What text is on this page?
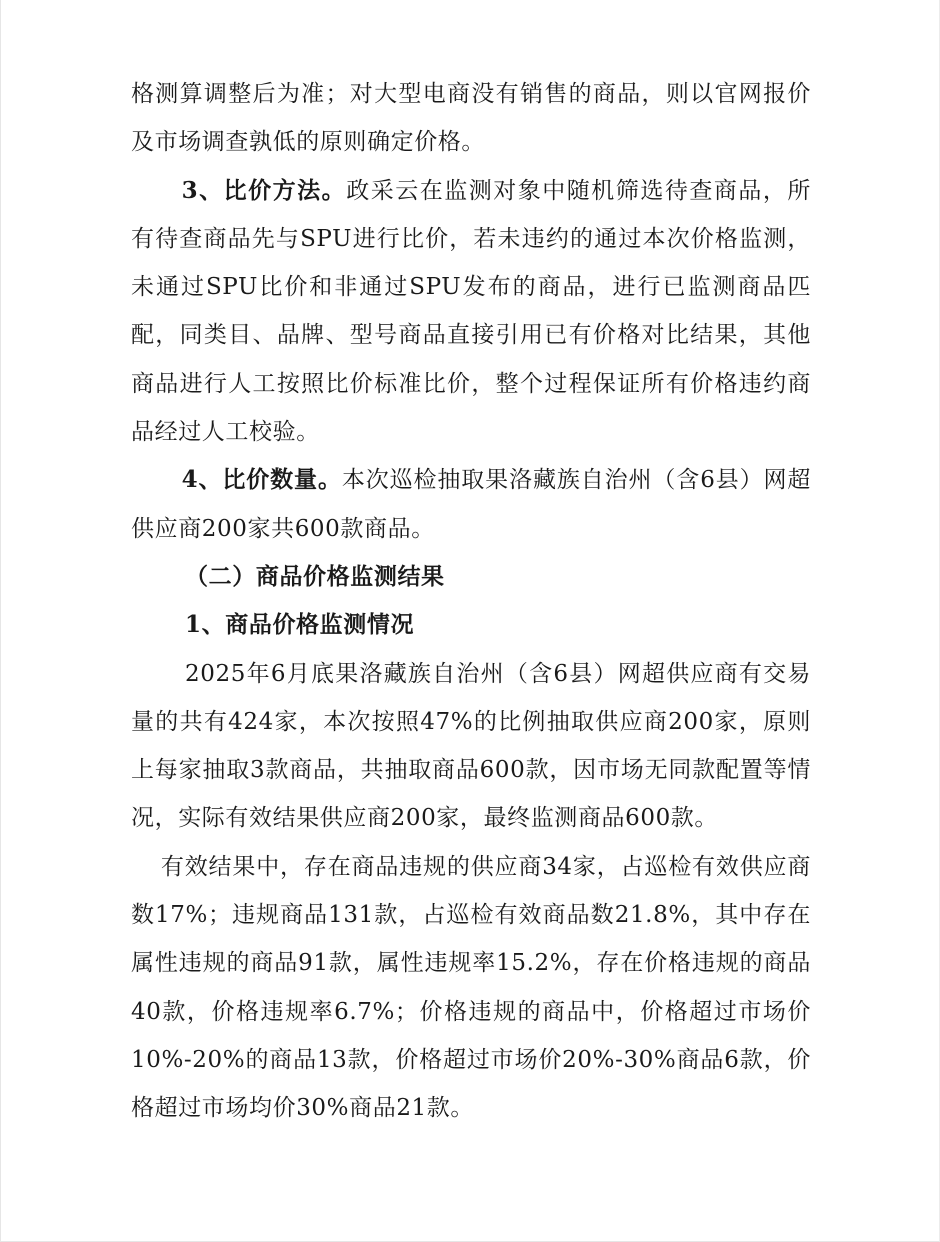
格测算调整后为准；对大型电商没有销售的商品，则以官网报价及市场调查孰低的原则确定价格。

3、比价方法。政采云在监测对象中随机筛选待查商品，所有待查商品先与SPU进行比价，若未违约的通过本次价格监测，未通过SPU比价和非通过SPU发布的商品，进行已监测商品匹配，同类目、品牌、型号商品直接引用已有价格对比结果，其他商品进行人工按照比价标准比价，整个过程保证所有价格违约商品经过人工校验。

4、比价数量。本次巡检抽取果洛藏族自治州（含6县）网超供应商200家共600款商品。

（二）商品价格监测结果

1、商品价格监测情况

2025年6月底果洛藏族自治州（含6县）网超供应商有交易量的共有424家，本次按照47%的比例抽取供应商200家，原则上每家抽取3款商品，共抽取商品600款，因市场无同款配置等情况，实际有效结果供应商200家，最终监测商品600款。

有效结果中，存在商品违规的供应商34家，占巡检有效供应商数17%；违规商品131款，占巡检有效商品数21.8%，其中存在属性违规的商品91款，属性违规率15.2%，存在价格违规的商品40款，价格违规率6.7%；价格违规的商品中，价格超过市场价10%-20%的商品13款，价格超过市场价20%-30%商品6款，价格超过市场均价30%商品21款。
